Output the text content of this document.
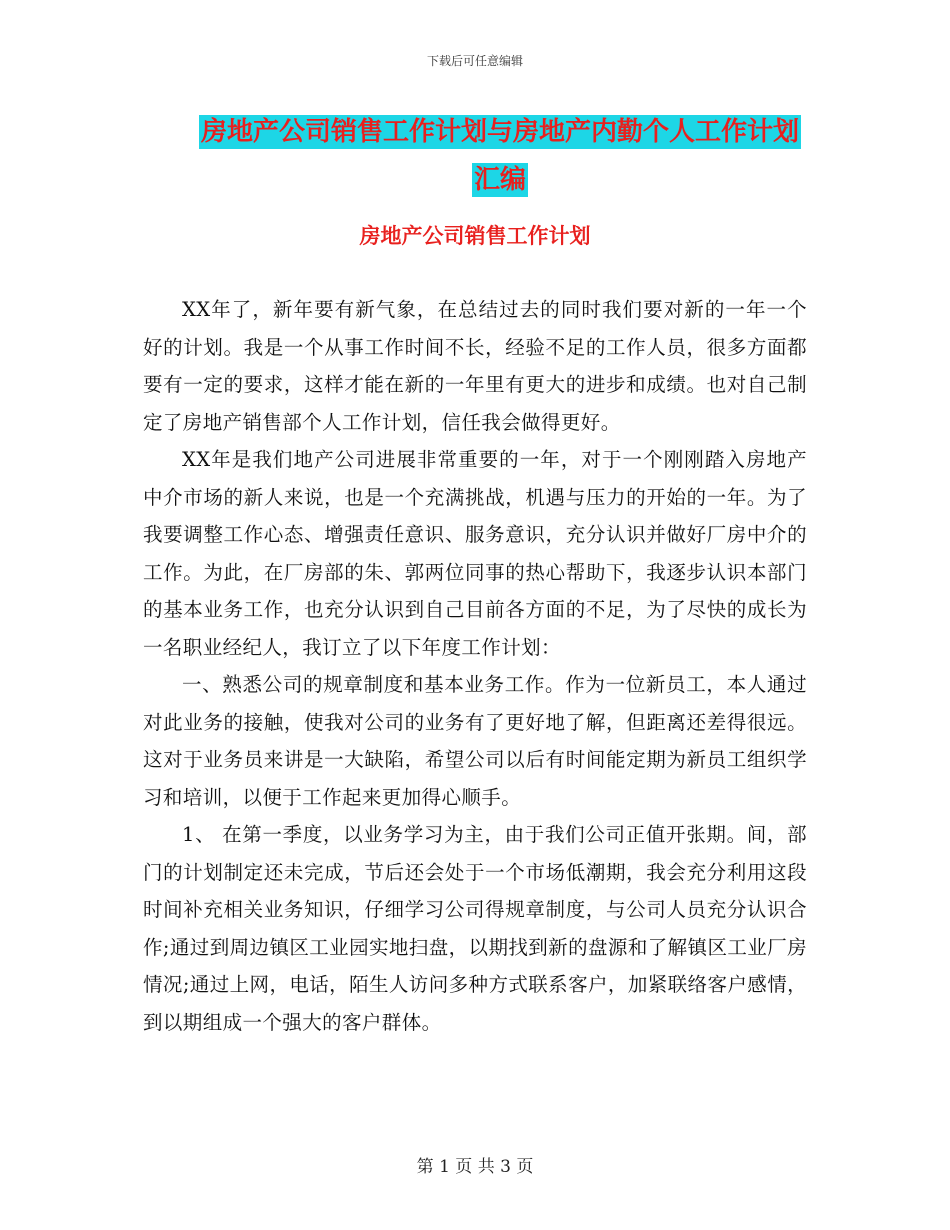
下载后可任意编辑
房地产公司销售工作计划与房地产内勤个人工作计划汇编
房地产公司销售工作计划

XX年了，新年要有新气象，在总结过去的同时我们要对新的一年一个好的计划。我是一个从事工作时间不长，经验不足的工作人员，很多方面都要有一定的要求，这样才能在新的一年里有更大的进步和成绩。也对自己制定了房地产销售部个人工作计划，信任我会做得更好。

XX年是我们地产公司进展非常重要的一年，对于一个刚刚踏入房地产中介市场的新人来说，也是一个充满挑战，机遇与压力的开始的一年。为了我要调整工作心态、增强责任意识、服务意识，充分认识并做好厂房中介的工作。为此，在厂房部的朱、郭两位同事的热心帮助下，我逐步认识本部门的基本业务工作，也充分认识到自己目前各方面的不足，为了尽快的成长为一名职业经纪人，我订立了以下年度工作计划：

一、熟悉公司的规章制度和基本业务工作。作为一位新员工，本人通过对此业务的接触，使我对公司的业务有了更好地了解，但距离还差得很远。这对于业务员来讲是一大缺陷，希望公司以后有时间能定期为新员工组织学习和培训，以便于工作起来更加得心顺手。

1、 在第一季度，以业务学习为主，由于我们公司正值开张期。间，部门的计划制定还未完成，节后还会处于一个市场低潮期，我会充分利用这段时间补充相关业务知识，仔细学习公司得规章制度，与公司人员充分认识合作;通过到周边镇区工业园实地扫盘，以期找到新的盘源和了解镇区工业厂房情况;通过上网，电话，陌生人访问多种方式联系客户，加紧联络客户感情，到以期组成一个强大的客户群体。

第 1 页 共 3 页
